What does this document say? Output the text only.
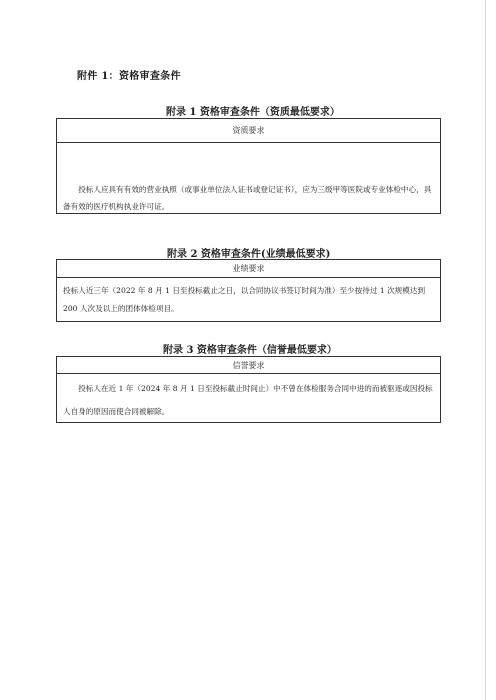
附件 1：资格审查条件
附录 1 资格审查条件（资质最低要求）
资质要求
投标人应具有有效的营业执照（或事业单位法人证书或登记证书），应为三级甲等医院或专业体检中心，具备有效的医疗机构执业许可证。
附录 2 资格审查条件(业绩最低要求)
业绩要求
投标人近三年（2022 年 8 月 1 日至投标截止之日，以合同协议书签订时间为准）至少按待过 1 次规模达到 200 人次及以上的团体体检项目。
附录 3 资格审查条件（信誉最低要求）
信誉要求
投标人在近 1 年（2024 年 8 月 1 日至投标截止时间止）中不曾在体检服务合同中进的而被驱逐或因投标人自身的原因而使合同被解除。
